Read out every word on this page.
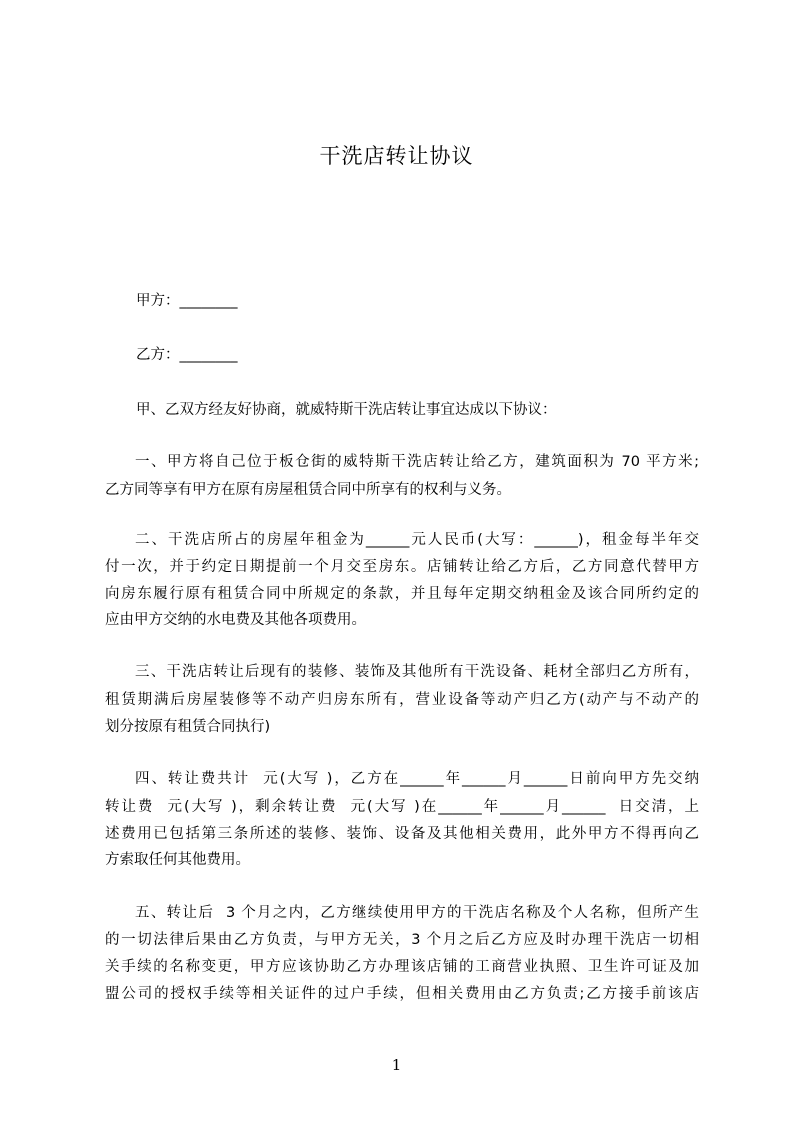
干洗店转让协议
甲方：________
乙方：________
甲、乙双方经友好协商，就威特斯干洗店转让事宜达成以下协议：
一、甲方将自己位于板仓街的威特斯干洗店转让给乙方，建筑面积为 70 平方米;
乙方同等享有甲方在原有房屋租赁合同中所享有的权利与义务。
二、干洗店所占的房屋年租金为______元人民币(大写：______)，租金每半年交
付一次，并于约定日期提前一个月交至房东。店铺转让给乙方后，乙方同意代替甲方
向房东履行原有租赁合同中所规定的条款，并且每年定期交纳租金及该合同所约定的
应由甲方交纳的水电费及其他各项费用。
三、干洗店转让后现有的装修、装饰及其他所有干洗设备、耗材全部归乙方所有，
租赁期满后房屋装修等不动产归房东所有，营业设备等动产归乙方(动产与不动产的
划分按原有租赁合同执行)
四、转让费共计  元(大写 )，乙方在______年______月______日前向甲方先交纳
转让费  元(大写 )，剩余转让费  元(大写 )在______年______月______  日交清，上
述费用已包括第三条所述的装修、装饰、设备及其他相关费用，此外甲方不得再向乙
方索取任何其他费用。
五、转让后  3 个月之内，乙方继续使用甲方的干洗店名称及个人名称，但所产生
的一切法律后果由乙方负责，与甲方无关，3 个月之后乙方应及时办理干洗店一切相
关手续的名称变更，甲方应该协助乙方办理该店铺的工商营业执照、卫生许可证及加
盟公司的授权手续等相关证件的过户手续，但相关费用由乙方负责;乙方接手前该店
1
